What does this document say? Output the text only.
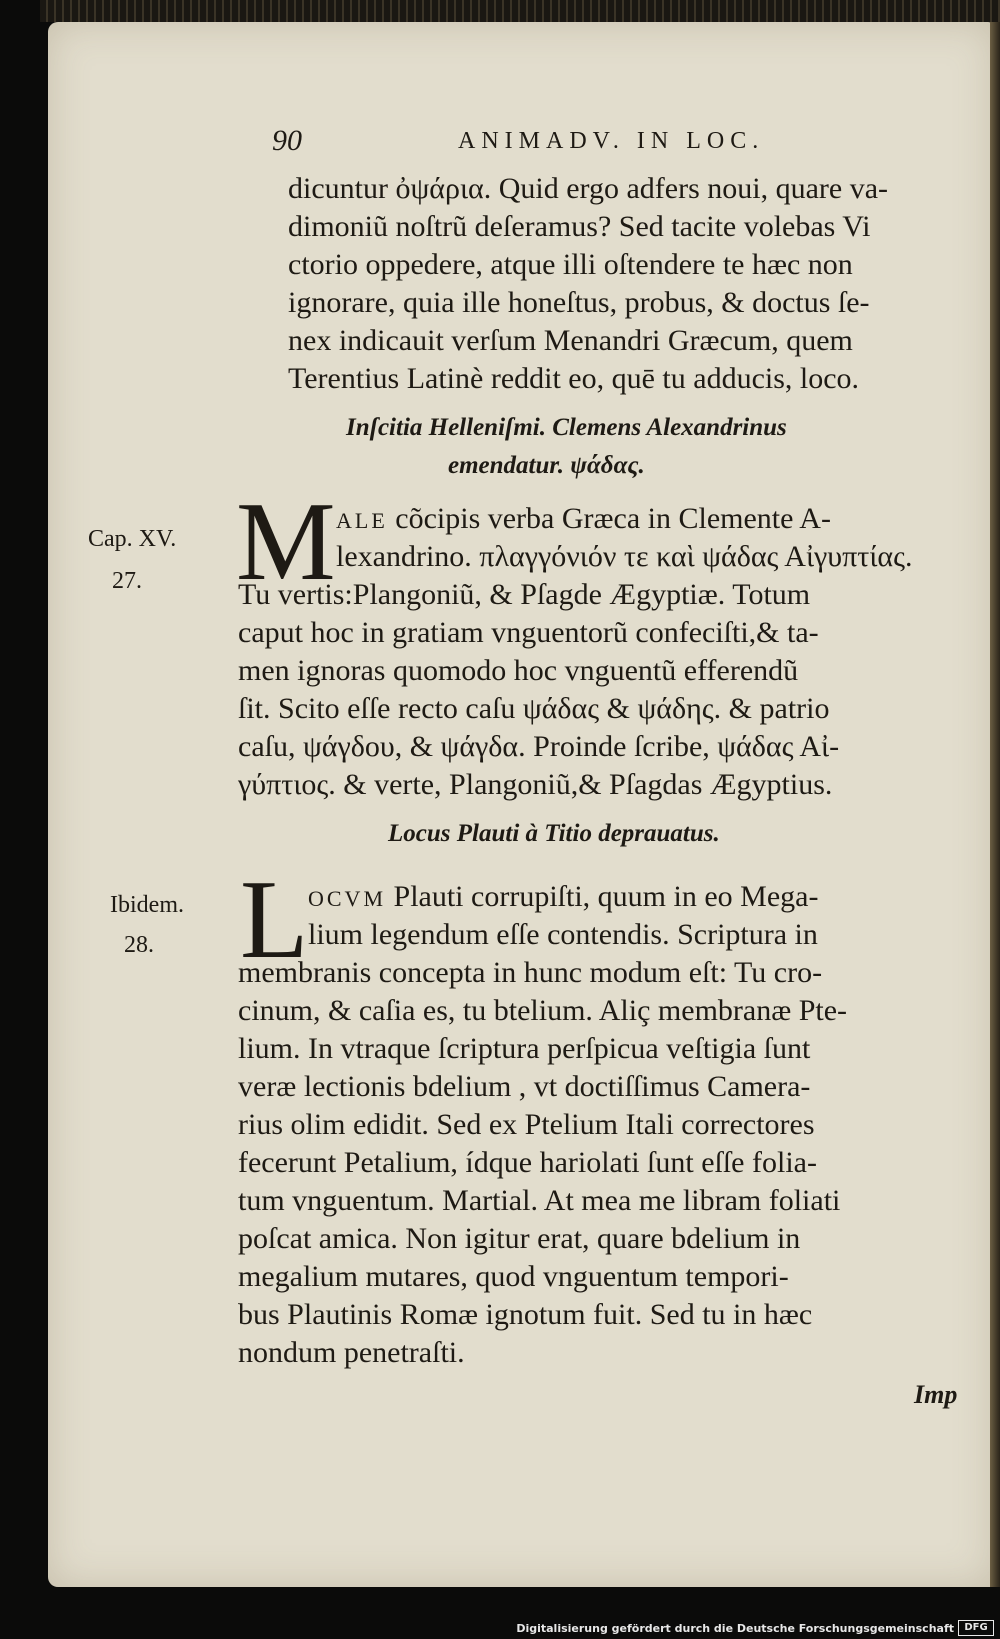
90	ANIMADV. IN LOC.
dicuntur ὀψάρια. Quid ergo adfers noui, quare va-
dimoniũ noſtrũ deſeramus? Sed tacite volebas Vi
ctorio oppedere, atque illi oſtendere te hæc non
ignorare, quia ille honeſtus, probus, & doctus ſe-
nex indicauit verſum Menandri Græcum, quem
Terentius Latinè reddit eo, quē tu adducis, loco.
Inſcitia Helleniſmi. Clemens Alexandrinus
emendatur. ψάδας.
Cap. XV.
27. M ALE cõcipis verba Græca in Clemente A-
lexandrino. πλαγγόνιόν τε καὶ ψάδας Αἰγυπτίας.
Tu vertis:Plangoniũ, & Pſagde Ægyptiæ. Totum
caput hoc in gratiam vnguentorũ confeciſti,& ta-
men ignoras quomodo hoc vnguentũ efferendũ
ſit. Scito eſſe recto caſu ψάδας & ψάδης. & patrio
caſu, ψάγδου, & ψάγδα. Proinde ſcribe, ψάδας Αἰ-
γύπτιος. & verte, Plangoniũ,& Pſagdas Ægyptius.
Locus Plauti à Titio deprauatus.
Ibidem.
28. L OCVM Plauti corrupiſti, quum in eo Mega-
lium legendum eſſe contendis. Scriptura in
membranis concepta in hunc modum eſt: Tu cro-
cinum, & caſia es, tu btelium. Aliç membranæ Pte-
lium. In vtraque ſcriptura perſpicua veſtigia ſunt
veræ lectionis bdelium , vt doctiſſimus Camera-
rius olim edidit. Sed ex Ptelium Itali correctores
fecerunt Petalium, ídque hariolati ſunt eſſe folia-
tum vnguentum. Martial. At mea me libram foliati
poſcat amica. Non igitur erat, quare bdelium in
megalium mutares, quod vnguentum tempori-
bus Plautinis Romæ ignotum fuit. Sed tu in hæc
nondum penetraſti.
Imp
Digitalisierung gefördert durch die Deutsche Forschungsgemeinschaft	DFG
